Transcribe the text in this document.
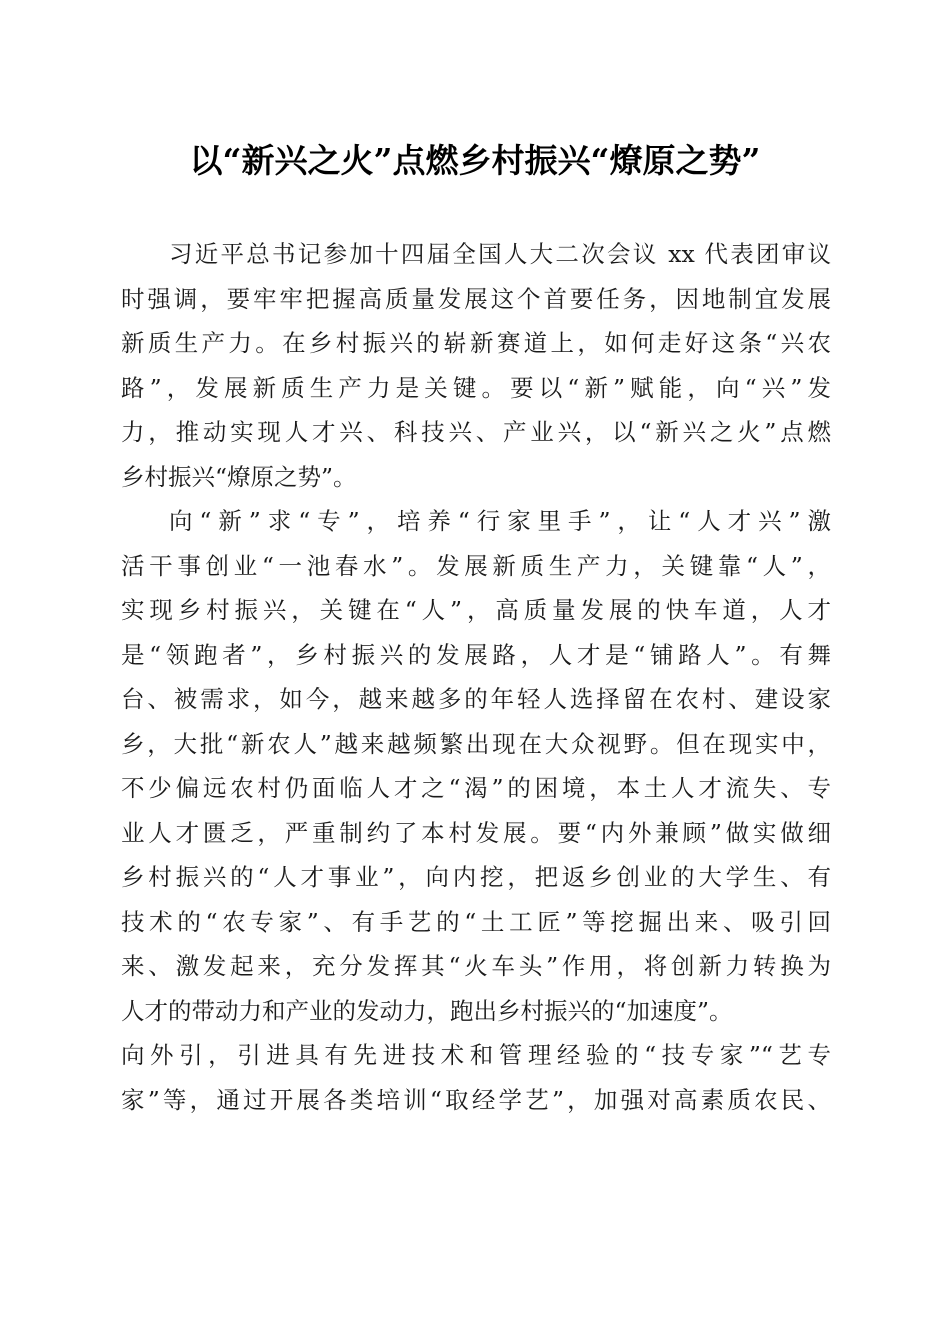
以“新兴之火”点燃乡村振兴“燎原之势”
习近平总书记参加十四届全国人大二次会议 xx 代表团审议
时强调，要牢牢把握高质量发展这个首要任务，因地制宜发展
新质生产力。在乡村振兴的崭新赛道上，如何走好这条“兴农
路”，发展新质生产力是关键。要以“新”赋能，向“兴”发
力，推动实现人才兴、科技兴、产业兴，以“新兴之火”点燃
乡村振兴“燎原之势”。
向“新”求“专”，培养“行家里手”，让“人才兴”激
活干事创业“一池春水”。发展新质生产力，关键靠“人”，
实现乡村振兴，关键在“人”，高质量发展的快车道，人才
是“领跑者”，乡村振兴的发展路，人才是“铺路人”。有舞
台、被需求，如今，越来越多的年轻人选择留在农村、建设家
乡，大批“新农人”越来越频繁出现在大众视野。但在现实中，
不少偏远农村仍面临人才之“渴”的困境，本土人才流失、专
业人才匮乏，严重制约了本村发展。要“内外兼顾”做实做细
乡村振兴的“人才事业”，向内挖，把返乡创业的大学生、有
技术的“农专家”、有手艺的“土工匠”等挖掘出来、吸引回
来、激发起来，充分发挥其“火车头”作用，将创新力转换为
人才的带动力和产业的发动力，跑出乡村振兴的“加速度”。
向外引，引进具有先进技术和管理经验的“技专家”“艺专
家”等，通过开展各类培训“取经学艺”，加强对高素质农民、
